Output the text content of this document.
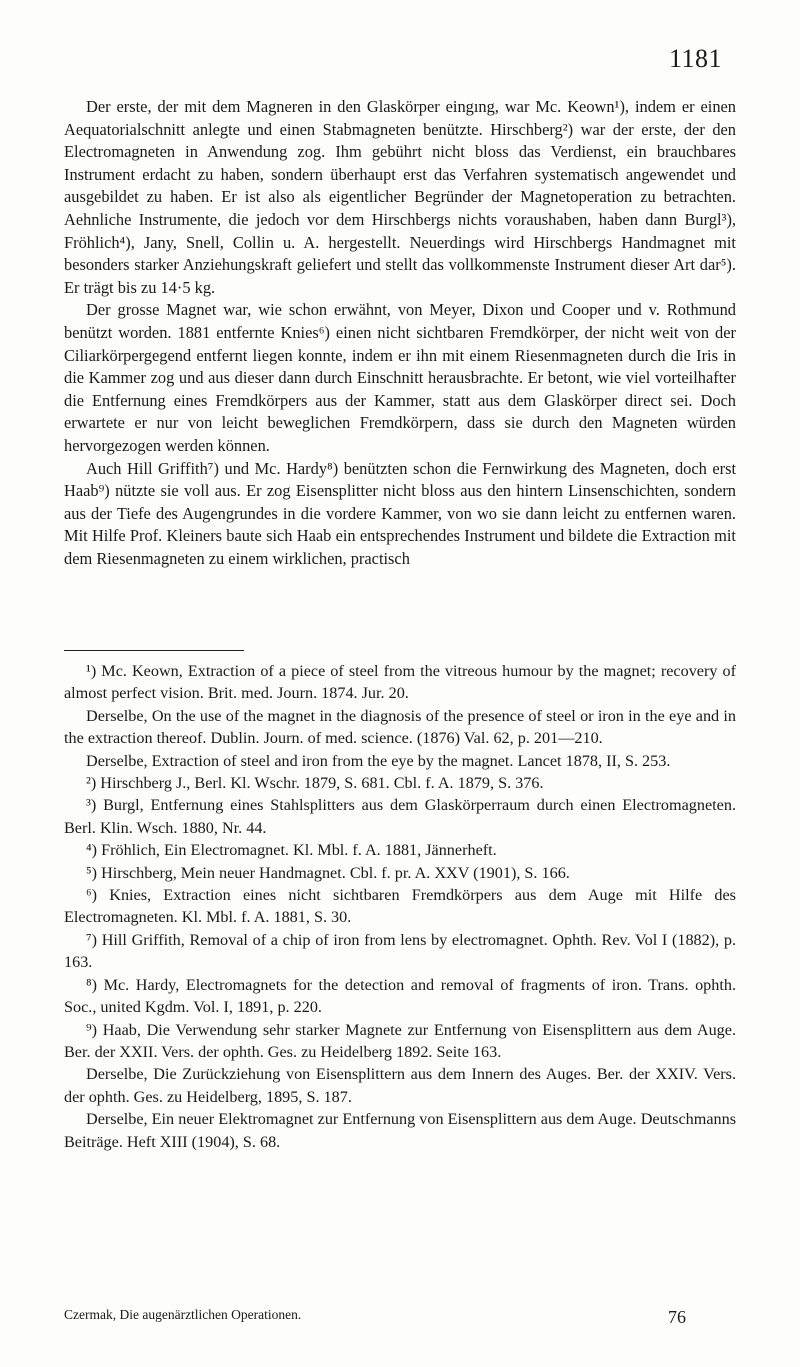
1181

Der erste, der mit dem Magneren in den Glaskörper eingıng, war Mc. Keown¹), indem er einen Aequatorialschnitt anlegte und einen Stabmagneten benützte. Hirschberg²) war der erste, der den Electromagneten in Anwendung zog. Ihm gebührt nicht bloss das Verdienst, ein brauchbares Instrument erdacht zu haben, sondern überhaupt erst das Verfahren systematisch angewendet und ausgebildet zu haben. Er ist also als eigentlicher Begründer der Magnetoperation zu betrachten. Aehnliche Instrumente, die jedoch vor dem Hirschbergs nichts voraushaben, haben dann Burgl³), Fröhlich⁴), Jany, Snell, Collin u. A. hergestellt. Neuerdings wird Hirschbergs Handmagnet mit besonders starker Anziehungskraft geliefert und stellt das vollkommenste Instrument dieser Art dar⁵). Er trägt bis zu 14·5 kg.

Der grosse Magnet war, wie schon erwähnt, von Meyer, Dixon und Cooper und v. Rothmund benützt worden. 1881 entfernte Knies⁶) einen nicht sichtbaren Fremdkörper, der nicht weit von der Ciliarkörpergegend entfernt liegen konnte, indem er ihn mit einem Riesenmagneten durch die Iris in die Kammer zog und aus dieser dann durch Einschnitt herausbrachte. Er betont, wie viel vorteilhafter die Entfernung eines Fremdkörpers aus der Kammer, statt aus dem Glaskörper direct sei. Doch erwartete er nur von leicht beweglichen Fremdkörpern, dass sie durch den Magneten würden hervorgezogen werden können.

Auch Hill Griffith⁷) und Mc. Hardy⁸) benützten schon die Fernwirkung des Magneten, doch erst Haab⁹) nützte sie voll aus. Er zog Eisensplitter nicht bloss aus den hintern Linsenschichten, sondern aus der Tiefe des Augengrundes in die vordere Kammer, von wo sie dann leicht zu entfernen waren. Mit Hilfe Prof. Kleiners baute sich Haab ein entsprechendes Instrument und bildete die Extraction mit dem Riesenmagneten zu einem wirklichen, practisch

¹) Mc. Keown, Extraction of a piece of steel from the vitreous humour by the magnet; recovery of almost perfect vision. Brit. med. Journ. 1874. Jur. 20.

Derselbe, On the use of the magnet in the diagnosis of the presence of steel or iron in the eye and in the extraction thereof. Dublin. Journ. of med. science. (1876) Val. 62, p. 201—210.

Derselbe, Extraction of steel and iron from the eye by the magnet. Lancet 1878, II, S. 253.

²) Hirschberg J., Berl. Kl. Wschr. 1879, S. 681. Cbl. f. A. 1879, S. 376.

³) Burgl, Entfernung eines Stahlsplitters aus dem Glaskörperraum durch einen Electromagneten. Berl. Klin. Wsch. 1880, Nr. 44.

⁴) Fröhlich, Ein Electromagnet. Kl. Mbl. f. A. 1881, Jännerheft.

⁵) Hirschberg, Mein neuer Handmagnet. Cbl. f. pr. A. XXV (1901), S. 166.

⁶) Knies, Extraction eines nicht sichtbaren Fremdkörpers aus dem Auge mit Hilfe des Electromagneten. Kl. Mbl. f. A. 1881, S. 30.

⁷) Hill Griffith, Removal of a chip of iron from lens by electromagnet. Ophth. Rev. Vol I (1882), p. 163.

⁸) Mc. Hardy, Electromagnets for the detection and removal of fragments of iron. Trans. ophth. Soc., united Kgdm. Vol. I, 1891, p. 220.

⁹) Haab, Die Verwendung sehr starker Magnete zur Entfernung von Eisensplittern aus dem Auge. Ber. der XXII. Vers. der ophth. Ges. zu Heidelberg 1892. Seite 163.

Derselbe, Die Zurückziehung von Eisensplittern aus dem Innern des Auges. Ber. der XXIV. Vers. der ophth. Ges. zu Heidelberg, 1895, S. 187.

Derselbe, Ein neuer Elektromagnet zur Entfernung von Eisensplittern aus dem Auge. Deutschmanns Beiträge. Heft XIII (1904), S. 68.

Czermak, Die augenärztlichen Operationen.	76
